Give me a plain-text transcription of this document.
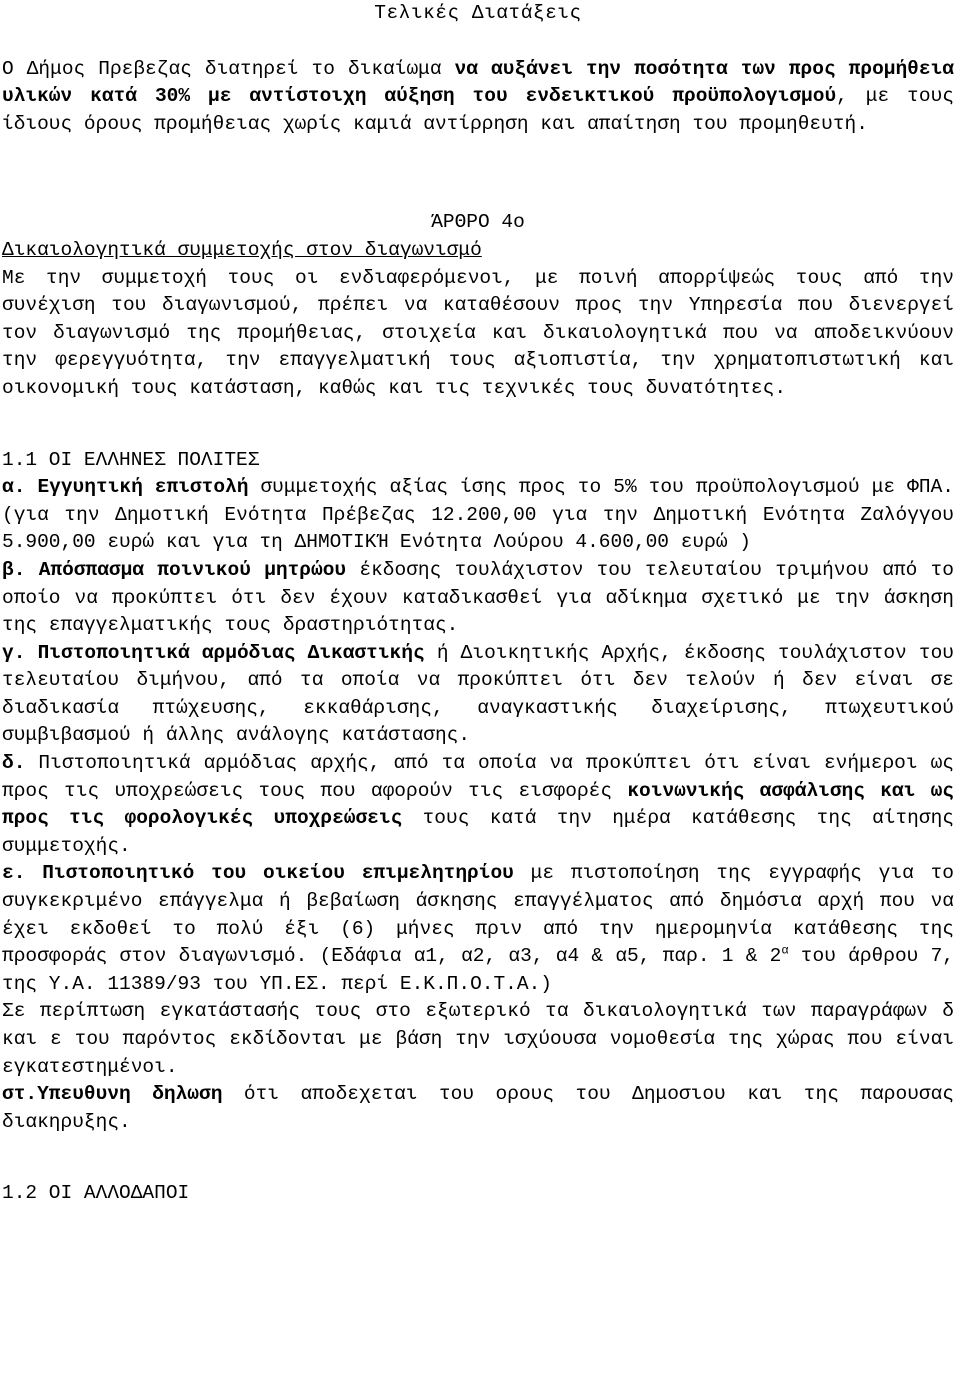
Τελικές Διατάξεις

Ο Δήμος Πρεβεζας διατηρεί το δικαίωμα να αυξάνει την ποσότητα των προς προμήθεια υλικών κατά 30% με αντίστοιχη αύξηση του ενδεικτικού προϋπολογισμού, με τους ίδιους όρους προμήθειας χωρίς καμιά αντίρρηση και απαίτηση του προμηθευτή.

ΆΡΘΡΟ 4ο

Δικαιολογητικά συμμετοχής στον διαγωνισμό

Με την συμμετοχή τους οι ενδιαφερόμενοι, με ποινή απορρίψεώς τους από την συνέχιση του διαγωνισμού, πρέπει να καταθέσουν προς την Υπηρεσία που διενεργεί τον διαγωνισμό της προμήθειας, στοιχεία και δικαιολογητικά που να αποδεικνύουν την φερεγγυότητα, την επαγγελματική τους αξιοπιστία, την χρηματοπιστωτική και οικονομική τους κατάσταση, καθώς και τις τεχνικές τους δυνατότητες.

1.1 ΟΙ ΕΛΛΗΝΕΣ ΠΟΛΙΤΕΣ

α. Εγγυητική επιστολή συμμετοχής αξίας ίσης προς το 5% του προϋπολογισμού με ΦΠΑ.(για την Δημοτική Ενότητα Πρέβεζας 12.200,00 για την Δημοτική Ενότητα Ζαλόγγου 5.900,00 ευρώ και για τη ΔΗΜΟΤΙΚΉ Ενότητα Λούρου 4.600,00 ευρώ )

β. Απόσπασμα ποινικού μητρώου έκδοσης τουλάχιστον του τελευταίου τριμήνου από το οποίο να προκύπτει ότι δεν έχουν καταδικασθεί για αδίκημα σχετικό με την άσκηση της επαγγελματικής τους δραστηριότητας.

γ. Πιστοποιητικά αρμόδιας Δικαστικής ή Διοικητικής Αρχής, έκδοσης τουλάχιστον του τελευταίου διμήνου, από τα οποία να προκύπτει ότι δεν τελούν ή δεν είναι σε διαδικασία πτώχευσης, εκκαθάρισης, αναγκαστικής διαχείρισης, πτωχευτικού συμβιβασμού ή άλλης ανάλογης κατάστασης.

δ. Πιστοποιητικά αρμόδιας αρχής, από τα οποία να προκύπτει ότι είναι ενήμεροι ως προς τις υποχρεώσεις τους που αφορούν τις εισφορές κοινωνικής ασφάλισης και ως προς τις φορολογικές υποχρεώσεις τους κατά την ημέρα κατάθεσης της αίτησης συμμετοχής.

ε. Πιστοποιητικό του οικείου επιμελητηρίου με πιστοποίηση της εγγραφής για το συγκεκριμένο επάγγελμα ή βεβαίωση άσκησης επαγγέλματος από δημόσια αρχή που να έχει εκδοθεί το πολύ έξι (6) μήνες πριν από την ημερομηνία κατάθεσης της προσφοράς στον διαγωνισμό. (Εδάφια α1, α2, α3, α4 & α5, παρ. 1 & $2^\alpha$ του άρθρου 7, της Υ.Α. 11389/93 του ΥΠ.ΕΣ. περί Ε.Κ.Π.Ο.Τ.Α.)

Σε περίπτωση εγκατάστασής τους στο εξωτερικό τα δικαιολογητικά των παραγράφων δ και ε του παρόντος εκδίδονται με βάση την ισχύουσα νομοθεσία της χώρας που είναι εγκατεστημένοι.

στ.Υπευθυνη δηλωση ότι αποδεχεται του ορους του Δημοσιου και της παρουσας διακηρυξης.

1.2 ΟΙ ΑΛΛΟΔΑΠΟΙ
